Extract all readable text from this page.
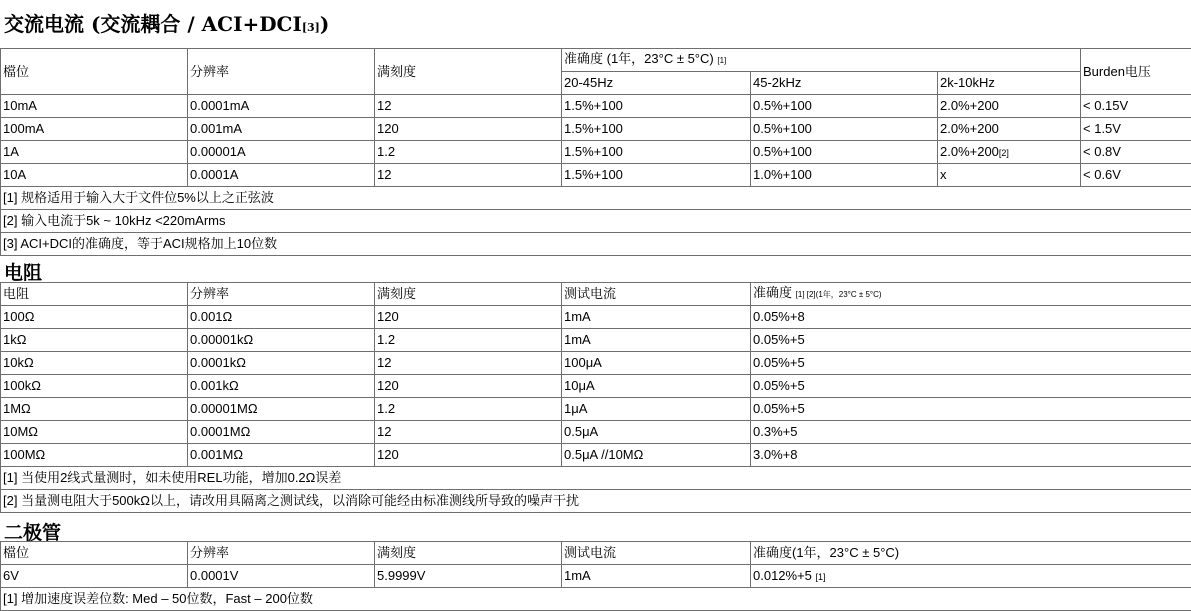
交流电流 (交流耦合 / ACI+DCI[3])
檔位	分辨率	满刻度	准确度 (1年，23°C ± 5°C) [1]			Burden电压
			20-45Hz	45-2kHz	2k-10kHz	
10mA	0.0001mA	12	1.5%+100	0.5%+100	2.0%+200	< 0.15V
100mA	0.001mA	120	1.5%+100	0.5%+100	2.0%+200	< 1.5V
1A	0.00001A	1.2	1.5%+100	0.5%+100	2.0%+200[2]	< 0.8V
10A	0.0001A	12	1.5%+100	1.0%+100	x	< 0.6V
[1] 规格适用于输入大于文件位5%以上之正弦波						
[2] 输入电流于5k ~ 10kHz <220mArms						
[3] ACI+DCI的准确度，等于ACI规格加上10位数						
电阻
电阻	分辨率	满刻度	测试电流	准确度 [1] [2](1年，23°C ± 5°C)
100Ω	0.001Ω	120	1mA	0.05%+8
1kΩ	0.00001kΩ	1.2	1mA	0.05%+5
10kΩ	0.0001kΩ	12	100μA	0.05%+5
100kΩ	0.001kΩ	120	10μA	0.05%+5
1MΩ	0.00001MΩ	1.2	1μA	0.05%+5
10MΩ	0.0001MΩ	12	0.5μA	0.3%+5
100MΩ	0.001MΩ	120	0.5μA //10MΩ	3.0%+8
[1] 当使用2线式量测时，如未使用REL功能，增加0.2Ω误差				
[2] 当量测电阻大于500kΩ以上，请改用具隔离之测试线，以消除可能经由标准测线所导致的噪声干扰				
二极管
檔位	分辨率	满刻度	测试电流	准确度(1年，23°C ± 5°C)
6V	0.0001V	5.9999V	1mA	0.012%+5 [1]
[1] 增加速度误差位数: Med – 50位数，Fast – 200位数				
